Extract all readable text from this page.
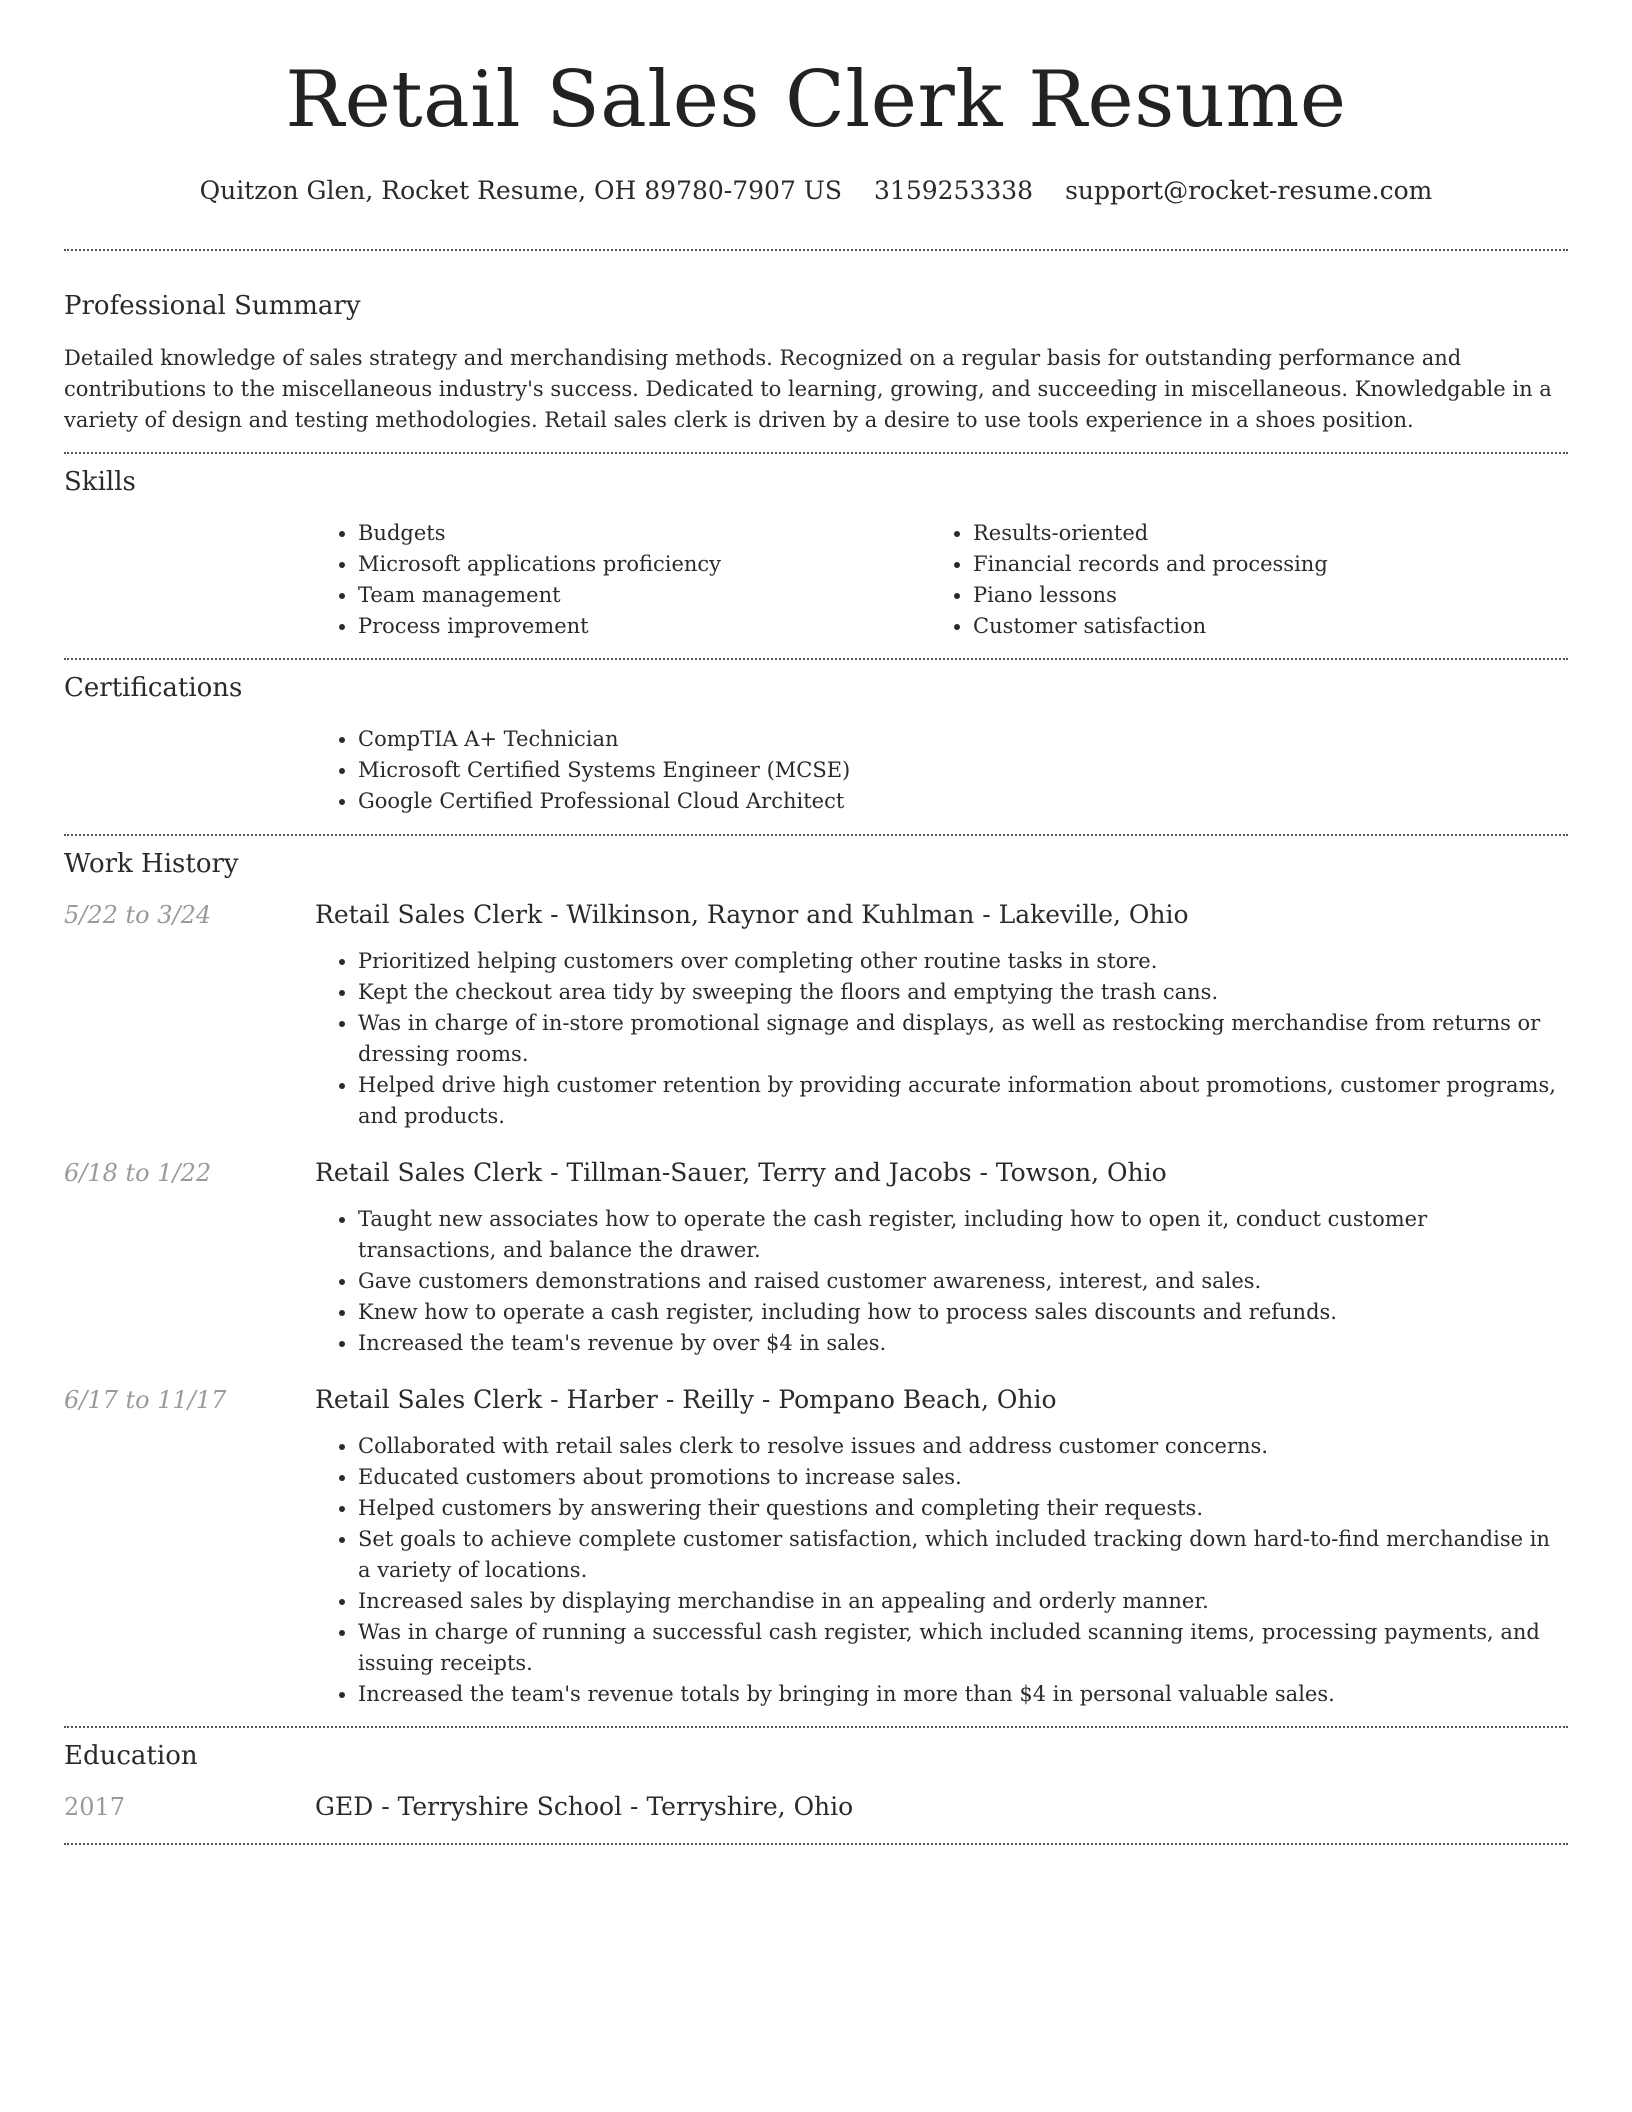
Retail Sales Clerk Resume
Quitzon Glen, Rocket Resume, OH 89780-7907 US 3159253338 support@rocket-resume.com
Professional Summary

Detailed knowledge of sales strategy and merchandising methods. Recognized on a regular basis for outstanding performance and contributions to the miscellaneous industry's success. Dedicated to learning, growing, and succeeding in miscellaneous. Knowledgable in a variety of design and testing methodologies. Retail sales clerk is driven by a desire to use tools experience in a shoes position.

Skills
• Budgets
• Microsoft applications proficiency
• Team management
• Process improvement
• Results-oriented
• Financial records and processing
• Piano lessons
• Customer satisfaction
Certifications
• CompTIA A+ Technician
• Microsoft Certified Systems Engineer (MCSE)
• Google Certified Professional Cloud Architect
Work History
5/22 to 3/24	Retail Sales Clerk - Wilkinson, Raynor and Kuhlman - Lakeville, Ohio
• Prioritized helping customers over completing other routine tasks in store.
• Kept the checkout area tidy by sweeping the floors and emptying the trash cans.
• Was in charge of in-store promotional signage and displays, as well as restocking merchandise from returns or dressing rooms.
• Helped drive high customer retention by providing accurate information about promotions, customer programs, and products.
6/18 to 1/22	Retail Sales Clerk - Tillman-Sauer, Terry and Jacobs - Towson, Ohio
• Taught new associates how to operate the cash register, including how to open it, conduct customer transactions, and balance the drawer.
• Gave customers demonstrations and raised customer awareness, interest, and sales.
• Knew how to operate a cash register, including how to process sales discounts and refunds.
• Increased the team's revenue by over $4 in sales.
6/17 to 11/17	Retail Sales Clerk - Harber - Reilly - Pompano Beach, Ohio
• Collaborated with retail sales clerk to resolve issues and address customer concerns.
• Educated customers about promotions to increase sales.
• Helped customers by answering their questions and completing their requests.
• Set goals to achieve complete customer satisfaction, which included tracking down hard-to-find merchandise in a variety of locations.
• Increased sales by displaying merchandise in an appealing and orderly manner.
• Was in charge of running a successful cash register, which included scanning items, processing payments, and issuing receipts.
• Increased the team's revenue totals by bringing in more than $4 in personal valuable sales.
Education
2017	GED - Terryshire School - Terryshire, Ohio
